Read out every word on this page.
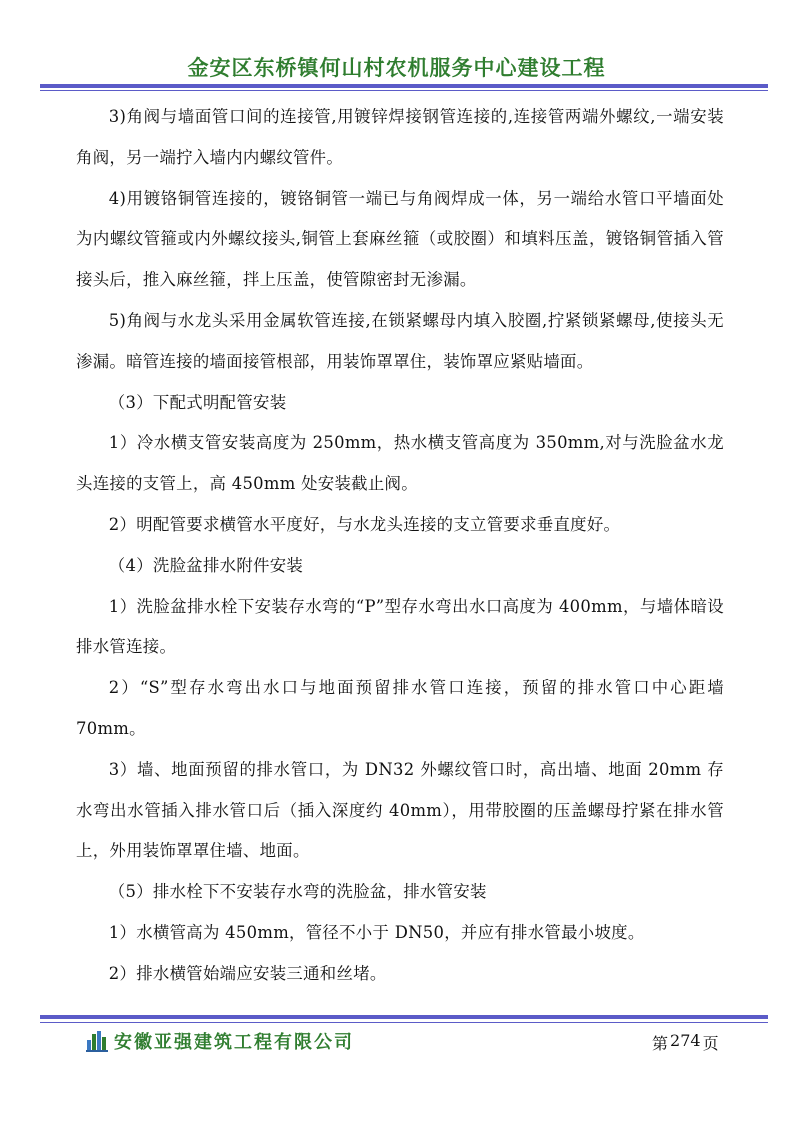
金安区东桥镇何山村农机服务中心建设工程

3)角阀与墙面管口间的连接管,用镀锌焊接钢管连接的,连接管两端外螺纹,一端安装角阀，另一端拧入墙内内螺纹管件。

4)用镀铬铜管连接的，镀铬铜管一端已与角阀焊成一体，另一端给水管口平墙面处为内螺纹管箍或内外螺纹接头,铜管上套麻丝箍（或胶圈）和填料压盖，镀铬铜管插入管接头后，推入麻丝箍，拌上压盖，使管隙密封无渗漏。

5)角阀与水龙头采用金属软管连接,在锁紧螺母内填入胶圈,拧紧锁紧螺母,使接头无渗漏。暗管连接的墙面接管根部，用装饰罩罩住，装饰罩应紧贴墙面。

（3）下配式明配管安装

1）冷水横支管安装高度为 250mm，热水横支管高度为 350mm,对与洗脸盆水龙头连接的支管上，高 450mm 处安装截止阀。

2）明配管要求横管水平度好，与水龙头连接的支立管要求垂直度好。

（4）洗脸盆排水附件安装

1）洗脸盆排水栓下安装存水弯的“P”型存水弯出水口高度为 400mm，与墙体暗设排水管连接。

2）“S”型存水弯出水口与地面预留排水管口连接，预留的排水管口中心距墙 70mm。

3）墙、地面预留的排水管口，为 DN32 外螺纹管口时，高出墙、地面 20mm 存水弯出水管插入排水管口后（插入深度约 40mm），用带胶圈的压盖螺母拧紧在排水管上，外用装饰罩罩住墙、地面。

（5）排水栓下不安装存水弯的洗脸盆，排水管安装

1）水横管高为 450mm，管径不小于 DN50，并应有排水管最小坡度。

2）排水横管始端应安装三通和丝堵。

安徽亚强建筑工程有限公司	第 274 页
